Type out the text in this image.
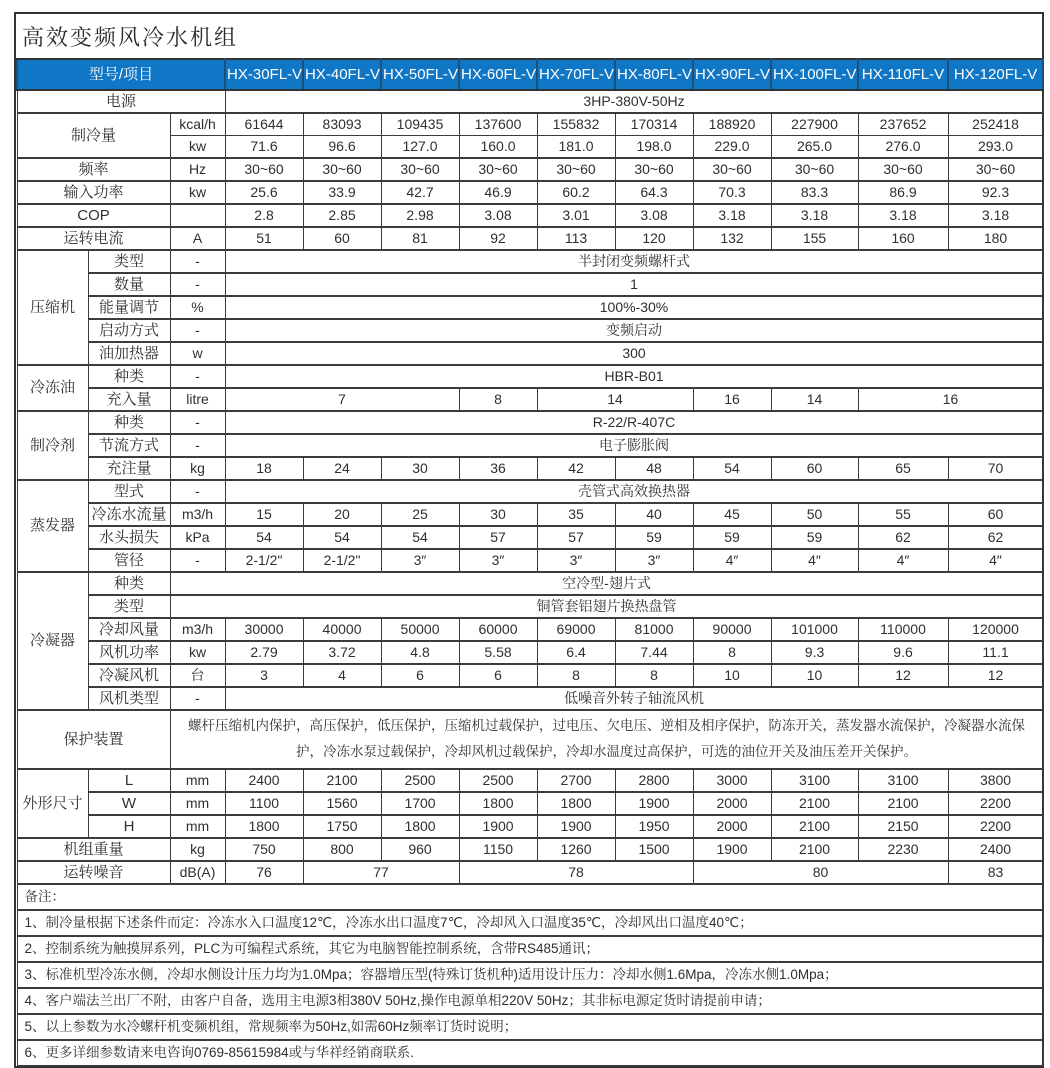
高效变频风冷水机组
型号/项目			HX-30FL-V	HX-40FL-V	HX-50FL-V	HX-60FL-V	HX-70FL-V	HX-80FL-V	HX-90FL-V	HX-100FL-V	HX-110FL-V	HX-120FL-V
电源			3HP-380V-50Hz									
制冷量		kcal/h	61644	83093	109435	137600	155832	170314	188920	227900	237652	252418
		kw	71.6	96.6	127.0	160.0	181.0	198.0	229.0	265.0	276.0	293.0
频率		Hz	30~60	30~60	30~60	30~60	30~60	30~60	30~60	30~60	30~60	30~60
输入功率		kw	25.6	33.9	42.7	46.9	60.2	64.3	70.3	83.3	86.9	92.3
COP			2.8	2.85	2.98	3.08	3.01	3.08	3.18	3.18	3.18	3.18
运转电流		A	51	60	81	92	113	120	132	155	160	180
压缩机	类型	-	半封闭变频螺杆式									
	数量	-	1									
	能量调节	%	100%-30%									
	启动方式	-	变频启动									
	油加热器	w	300									
冷冻油	种类	-	HBR-B01									
	充入量	litre	7			8	14		16	14	16	
制冷剂	种类	-	R-22/R-407C									
	节流方式	-	电子膨胀阀									
	充注量	kg	18	24	30	36	42	48	54	60	65	70
蒸发器	型式	-	壳管式高效换热器									
	冷冻水流量	m3/h	15	20	25	30	35	40	45	50	55	60
	水头损失	kPa	54	54	54	57	57	59	59	59	62	62
	管径	-	2-1/2"	2-1/2"	3″	3″	3″	3″	4″	4″	4″	4″
冷凝器	种类	空冷型-翅片式										
	类型	铜管套铝翅片换热盘管										
	冷却风量	m3/h	30000	40000	50000	60000	69000	81000	90000	101000	110000	120000
	风机功率	kw	2.79	3.72	4.8	5.58	6.4	7.44	8	9.3	9.6	11.1
	冷凝风机	台	3	4	6	6	8	8	10	10	12	12
	风机类型	-	低噪音外转子轴流风机									
保护装置		螺杆压缩机内保护，高压保护，低压保护，压缩机过载保护，过电压、欠电压、逆相及相序保护，防冻开关，蒸发器水流保护，冷凝器水流保护，冷冻水泵过载保护，冷却风机过载保护，冷却水温度过高保护，可选的油位开关及油压差开关保护。										
外形尺寸	L	mm	2400	2100	2500	2500	2700	2800	3000	3100	3100	3800
	W	mm	1100	1560	1700	1800	1800	1900	2000	2100	2100	2200
	H	mm	1800	1750	1800	1900	1900	1950	2000	2100	2150	2200
机组重量		kg	750	800	960	1150	1260	1500	1900	2100	2230	2400
运转噪音		dB(A)	76	77		78			80			83
备注：												
1、制冷量根据下述条件而定：冷冻水入口温度12℃，冷冻水出口温度7℃，冷却风入口温度35℃，冷却风出口温度40℃；												
2、控制系统为触摸屏系列，PLC为可编程式系统，其它为电脑智能控制系统，含带RS485通讯；												
3、标准机型冷冻水侧，冷却水侧设计压力均为1.0Mpa；容器增压型(特殊订货机种)适用设计压力：冷却水侧1.6Mpa，冷冻水侧1.0Mpa；												
4、客户端法兰出厂不附，由客户自备，选用主电源3相380V 50Hz,操作电源单相220V 50Hz；其非标电源定货时请提前申请；												
5、以上参数为水冷螺杆机变频机组，常规频率为50Hz,如需60Hz频率订货时说明；												
6、更多详细参数请来电咨询0769-85615984或与华祥经销商联系.												
